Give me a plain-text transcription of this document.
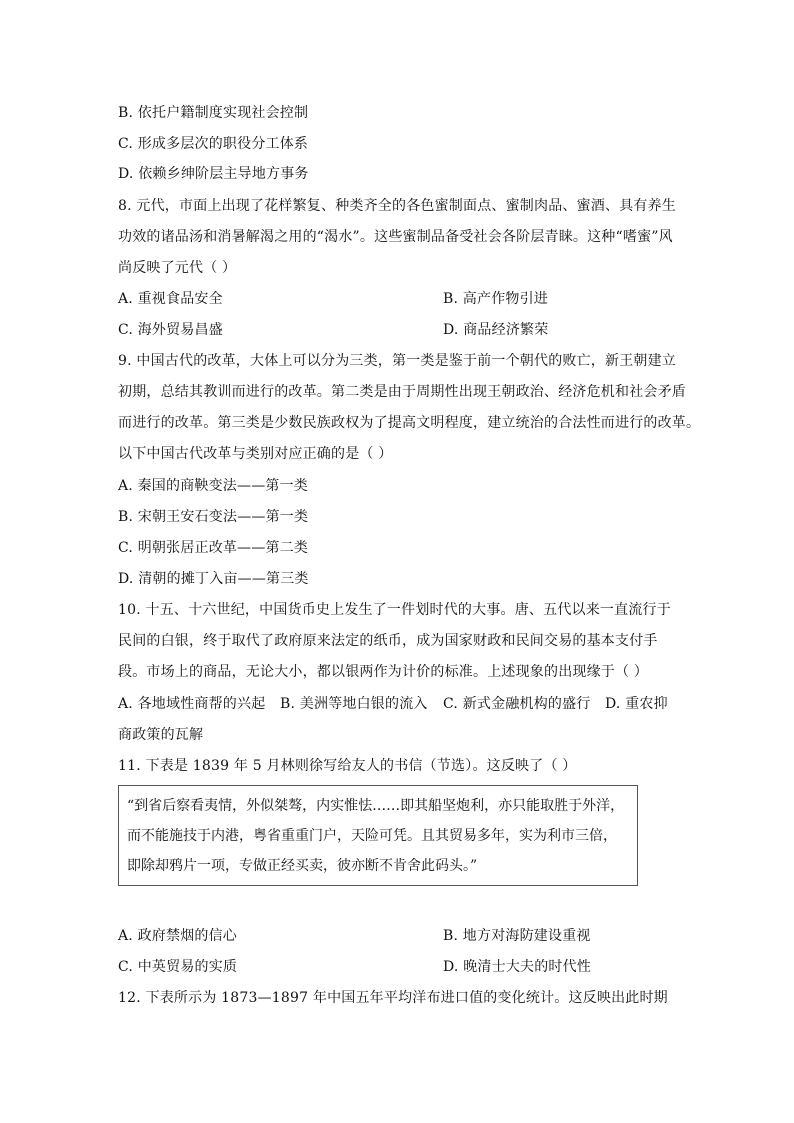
B. 依托户籍制度实现社会控制
C. 形成多层次的职役分工体系
D. 依赖乡绅阶层主导地方事务
8. 元代，市面上出现了花样繁复、种类齐全的各色蜜制面点、蜜制肉品、蜜酒、具有养生
功效的诸品汤和消暑解渴之用的“渴水”。这些蜜制品备受社会各阶层青睐。这种“嗜蜜”风
尚反映了元代（ ）
A. 重视食品安全	B. 高产作物引进
C. 海外贸易昌盛	D. 商品经济繁荣
9. 中国古代的改革，大体上可以分为三类，第一类是鉴于前一个朝代的败亡，新王朝建立
初期，总结其教训而进行的改革。第二类是由于周期性出现王朝政治、经济危机和社会矛盾
而进行的改革。第三类是少数民族政权为了提高文明程度，建立统治的合法性而进行的改革。
以下中国古代改革与类别对应正确的是（ ）
A. 秦国的商鞅变法——第一类
B. 宋朝王安石变法——第一类
C. 明朝张居正改革——第二类
D. 清朝的摊丁入亩——第三类
10. 十五、十六世纪，中国货币史上发生了一件划时代的大事。唐、五代以来一直流行于
民间的白银，终于取代了政府原来法定的纸币，成为国家财政和民间交易的基本支付手
段。市场上的商品，无论大小，都以银两作为计价的标准。上述现象的出现缘于（ ）
A. 各地域性商帮的兴起 B. 美洲等地白银的流入 C. 新式金融机构的盛行 D. 重农抑
商政策的瓦解
11. 下表是 1839 年 5 月林则徐写给友人的书信（节选）。这反映了（ ）
“到省后察看夷情，外似桀骜，内实惟怯……即其船坚炮利，亦只能取胜于外洋，
而不能施技于内港，粤省重重门户，天险可凭。且其贸易多年，实为利市三倍，
即除却鸦片一项，专做正经买卖，彼亦断不肯舍此码头。”
A. 政府禁烟的信心	B. 地方对海防建设重视
C. 中英贸易的实质	D. 晚清士大夫的时代性
12. 下表所示为 1873—1897 年中国五年平均洋布进口值的变化统计。这反映出此时期
